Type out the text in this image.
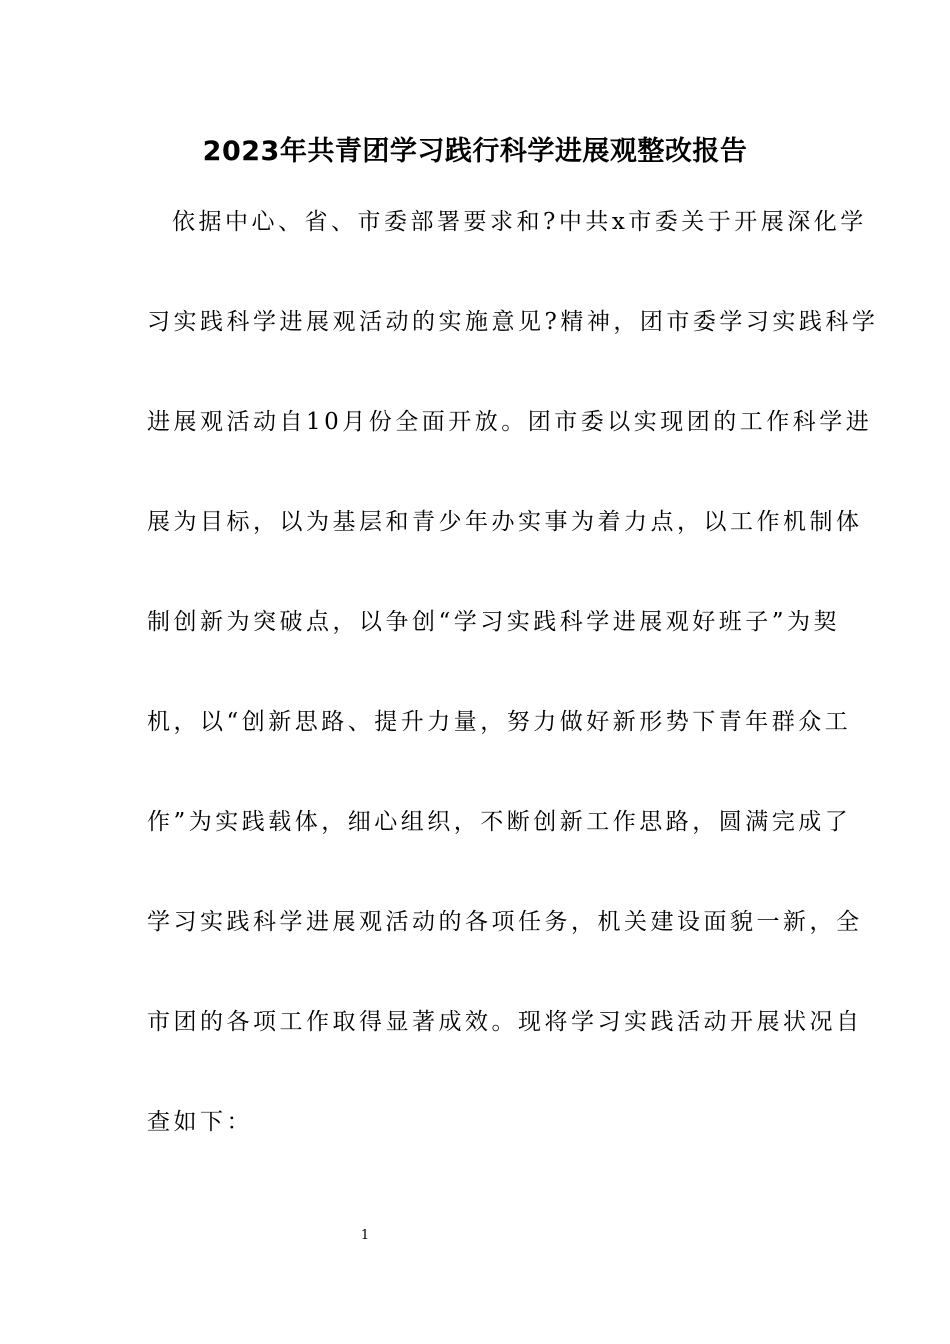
2023年共青团学习践行科学进展观整改报告
依据中心、省、市委部署要求和?中共x市委关于开展深化学
习实践科学进展观活动的实施意见?精神，团市委学习实践科学
进展观活动自10月份全面开放。团市委以实现团的工作科学进
展为目标，以为基层和青少年办实事为着力点，以工作机制体
制创新为突破点，以争创“学习实践科学进展观好班子”为契
机，以“创新思路、提升力量，努力做好新形势下青年群众工
作”为实践载体，细心组织，不断创新工作思路，圆满完成了
学习实践科学进展观活动的各项任务，机关建设面貌一新，全
市团的各项工作取得显著成效。现将学习实践活动开展状况自
查如下：
1
